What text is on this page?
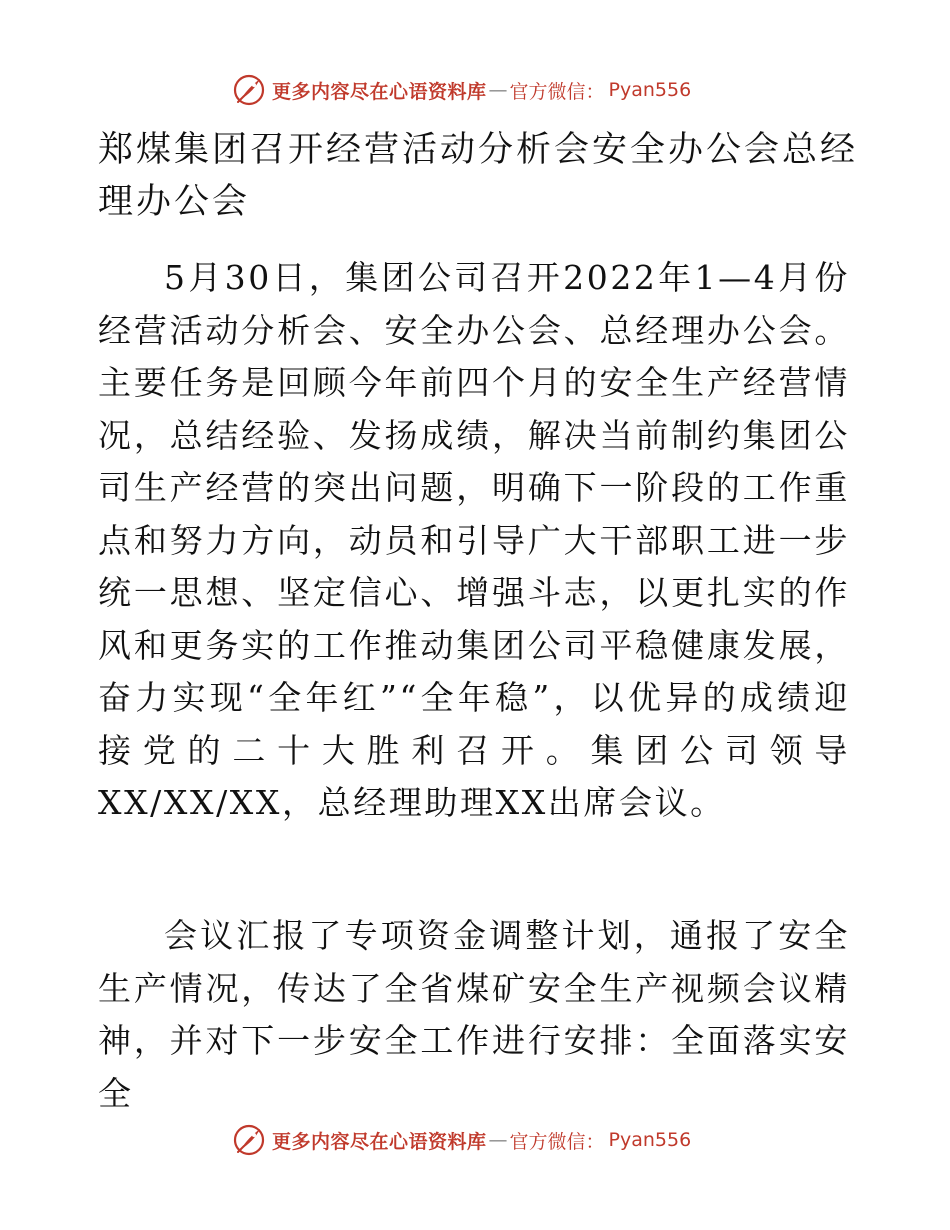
更多内容尽在心语资料库 — 官方微信： Pyan556
郑煤集团召开经营活动分析会安全办公会总经理办公会

5月30日，集团公司召开2022年1—4月份经营活动分析会、安全办公会、总经理办公会。主要任务是回顾今年前四个月的安全生产经营情况，总结经验、发扬成绩，解决当前制约集团公司生产经营的突出问题，明确下一阶段的工作重点和努力方向，动员和引导广大干部职工进一步统一思想、坚定信心、增强斗志，以更扎实的作风和更务实的工作推动集团公司平稳健康发展，奋力实现“全年红”“全年稳”，以优异的成绩迎接党的二十大胜利召开。集团公司领导XX/XX/XX，总经理助理XX出席会议。

会议汇报了专项资金调整计划，通报了安全生产情况，传达了全省煤矿安全生产视频会议精神，并对下一步安全工作进行安排：全面落实安全

更多内容尽在心语资料库 — 官方微信： Pyan556
